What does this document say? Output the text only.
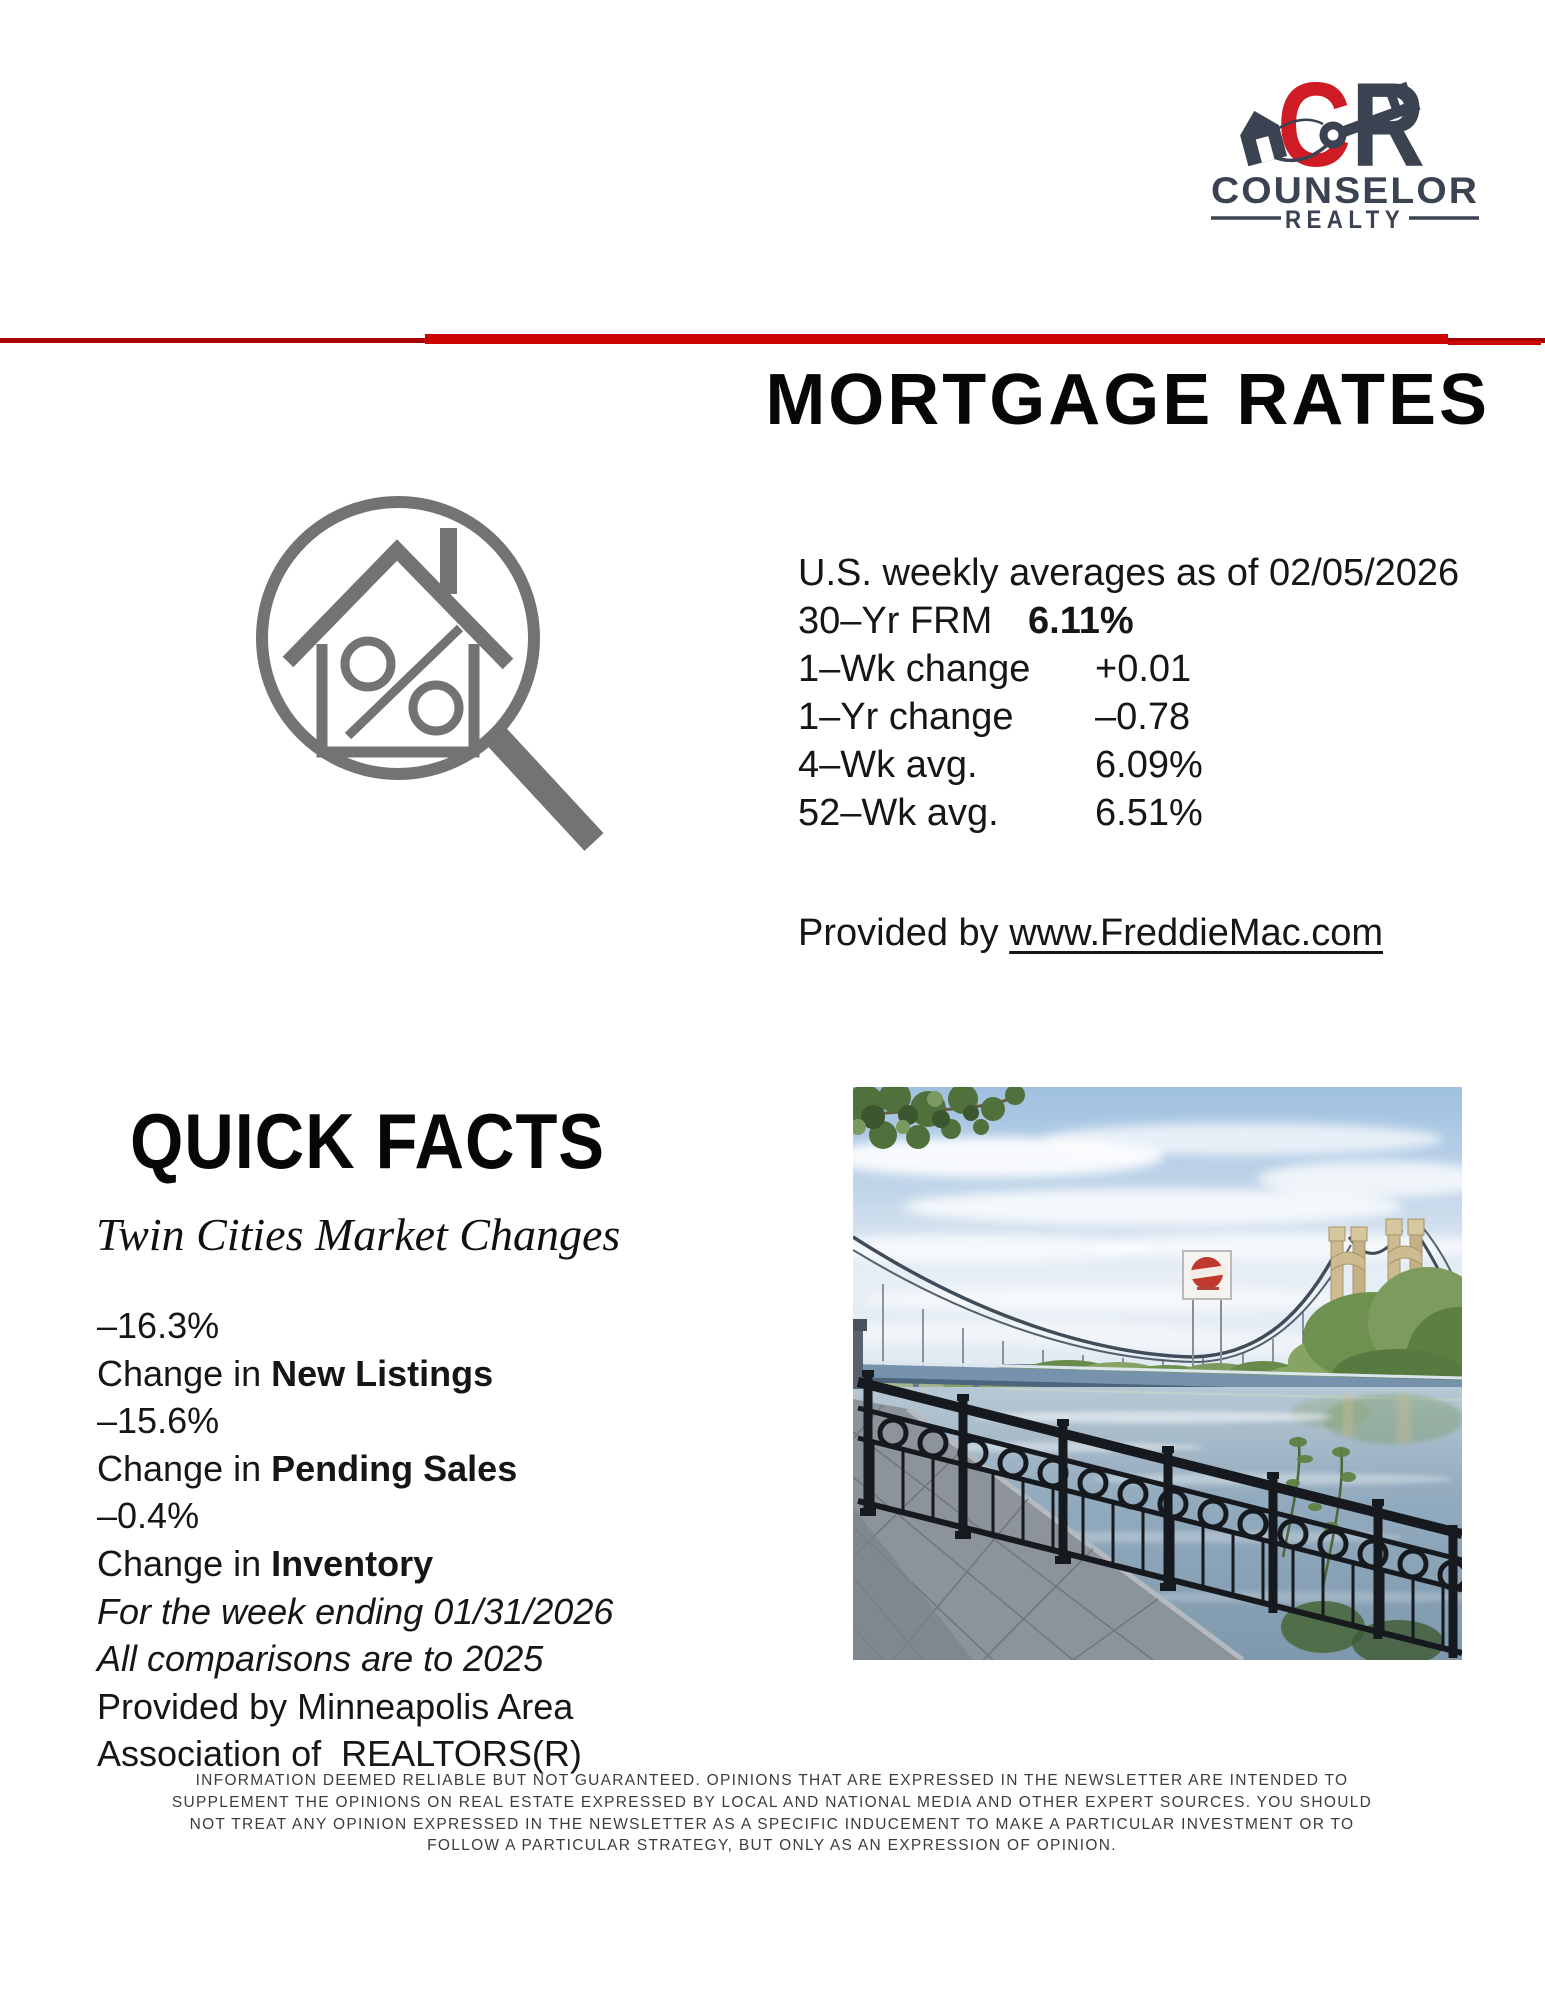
R
COUNSELOR
REALTY
MORTGAGE RATES
U.S. weekly averages as of 02/05/2026
30–Yr FRM 6.11%
1–Wk change +0.01
1–Yr change –0.78
4–Wk avg.	6.09%
52–Wk avg.	6.51%
Provided by www.FreddieMac.com
QUICK FACTS
Twin Cities Market Changes
–16.3%
Change in New Listings
–15.6%
Change in Pending Sales
–0.4%
Change in Inventory
For the week ending 01/31/2026
All comparisons are to 2025
Provided by Minneapolis Area
Association of  REALTORS(R)
INFORMATION DEEMED RELIABLE BUT NOT GUARANTEED. OPINIONS THAT ARE EXPRESSED IN THE NEWSLETTER ARE INTENDED TO
SUPPLEMENT THE OPINIONS ON REAL ESTATE EXPRESSED BY LOCAL AND NATIONAL MEDIA AND OTHER EXPERT SOURCES. YOU SHOULD
NOT TREAT ANY OPINION EXPRESSED IN THE NEWSLETTER AS A SPECIFIC INDUCEMENT TO MAKE A PARTICULAR INVESTMENT OR TO
FOLLOW A PARTICULAR STRATEGY, BUT ONLY AS AN EXPRESSION OF OPINION.
